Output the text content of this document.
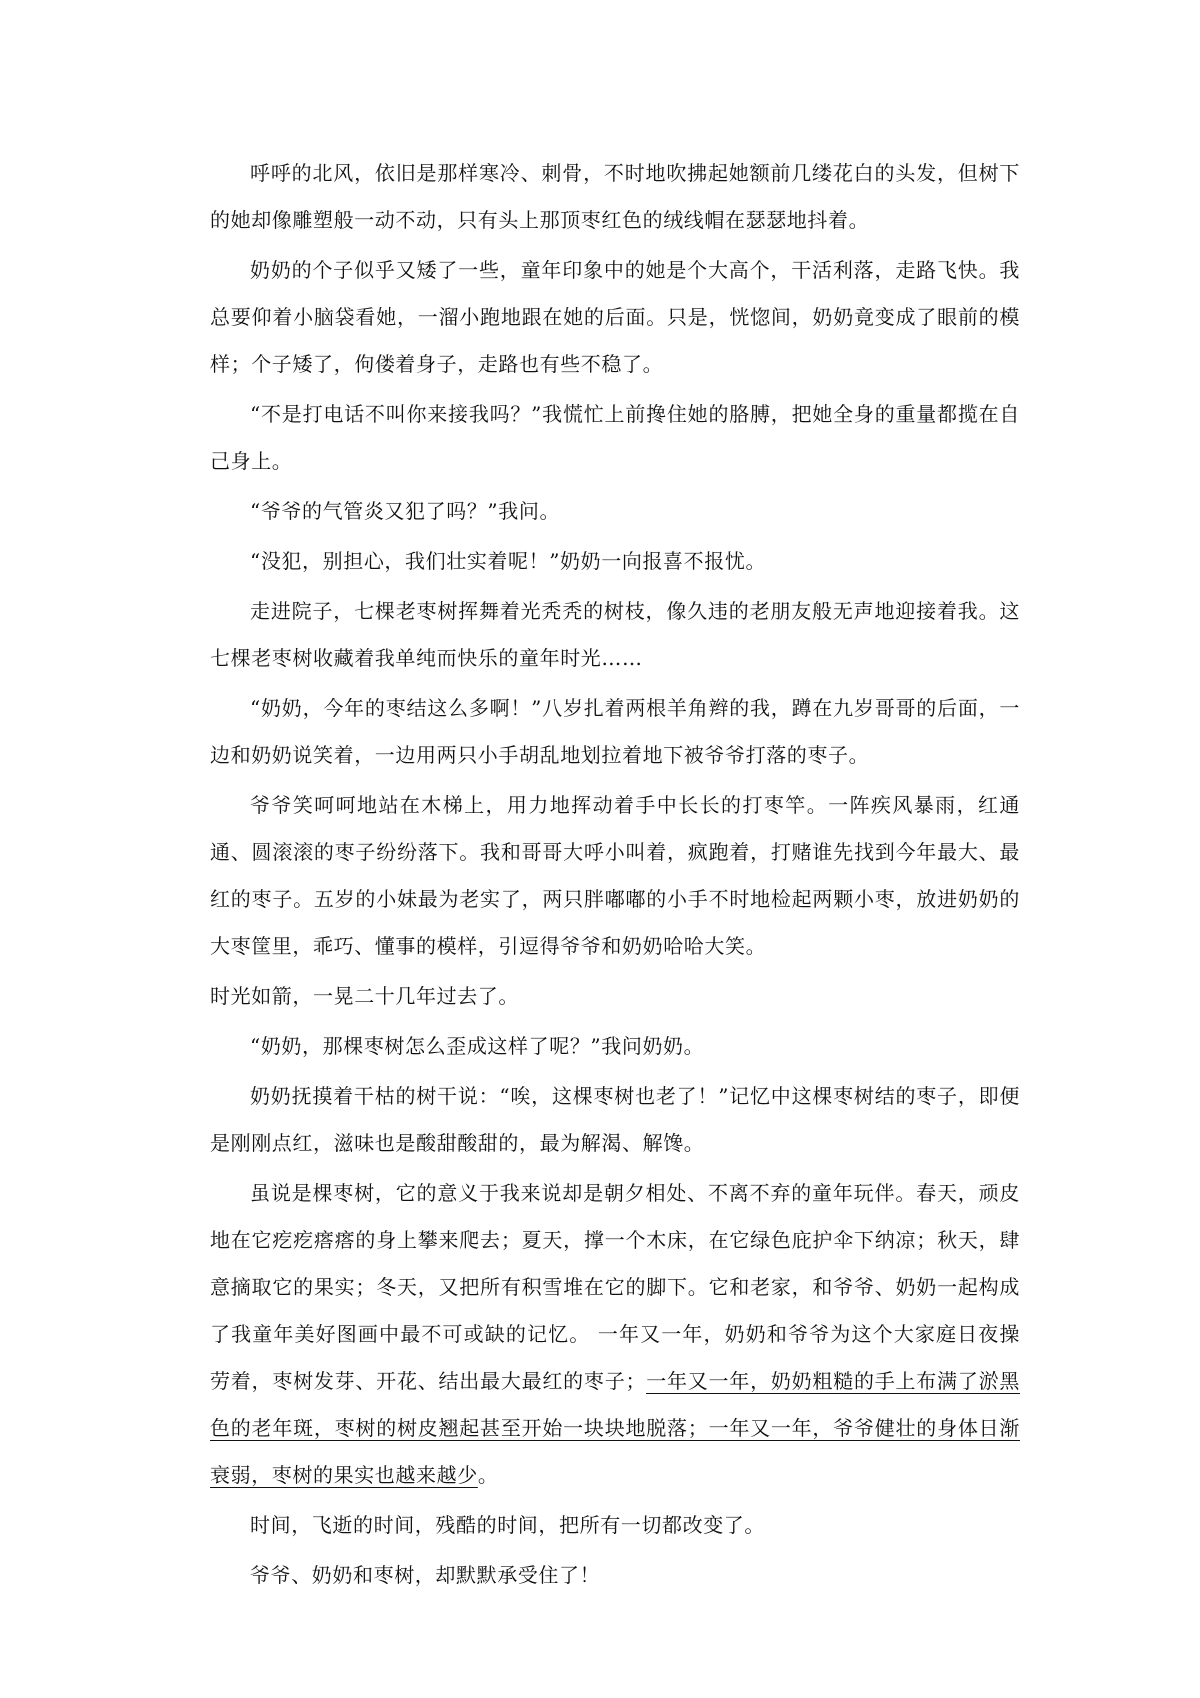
呼呼的北风，依旧是那样寒冷、刺骨，不时地吹拂起她额前几缕花白的头发，但树下的她却像雕塑般一动不动，只有头上那顶枣红色的绒线帽在瑟瑟地抖着。

奶奶的个子似乎又矮了一些，童年印象中的她是个大高个，干活利落，走路飞快。我总要仰着小脑袋看她，一溜小跑地跟在她的后面。只是，恍惚间，奶奶竟变成了眼前的模样；个子矮了，佝偻着身子，走路也有些不稳了。

“不是打电话不叫你来接我吗？”我慌忙上前搀住她的胳膊，把她全身的重量都揽在自己身上。

“爷爷的气管炎又犯了吗？”我问。

“没犯，别担心，我们壮实着呢！”奶奶一向报喜不报忧。

走进院子，七棵老枣树挥舞着光秃秃的树枝，像久违的老朋友般无声地迎接着我。这七棵老枣树收藏着我单纯而快乐的童年时光……

“奶奶，今年的枣结这么多啊！”八岁扎着两根羊角辫的我，蹲在九岁哥哥的后面，一边和奶奶说笑着，一边用两只小手胡乱地划拉着地下被爷爷打落的枣子。

爷爷笑呵呵地站在木梯上，用力地挥动着手中长长的打枣竿。一阵疾风暴雨，红通通、圆滚滚的枣子纷纷落下。我和哥哥大呼小叫着，疯跑着，打赌谁先找到今年最大、最红的枣子。五岁的小妹最为老实了，两只胖嘟嘟的小手不时地检起两颗小枣，放进奶奶的大枣筐里，乖巧、懂事的模样，引逗得爷爷和奶奶哈哈大笑。

时光如箭，一晃二十几年过去了。

“奶奶，那棵枣树怎么歪成这样了呢？”我问奶奶。

奶奶抚摸着干枯的树干说：“唉，这棵枣树也老了！”记忆中这棵枣树结的枣子，即便是刚刚点红，滋味也是酸甜酸甜的，最为解渴、解馋。

虽说是棵枣树，它的意义于我来说却是朝夕相处、不离不弃的童年玩伴。春天，顽皮地在它疙疙瘩瘩的身上攀来爬去；夏天，撑一个木床，在它绿色庇护伞下纳凉；秋天，肆意摘取它的果实；冬天，又把所有积雪堆在它的脚下。它和老家，和爷爷、奶奶一起构成了我童年美好图画中最不可或缺的记忆。 一年又一年，奶奶和爷爷为这个大家庭日夜操劳着，枣树发芽、开花、结出最大最红的枣子；一年又一年，奶奶粗糙的手上布满了淤黑色的老年斑，枣树的树皮翘起甚至开始一块块地脱落；一年又一年，爷爷健壮的身体日渐衰弱，枣树的果实也越来越少。

时间，飞逝的时间，残酷的时间，把所有一切都改变了。

爷爷、奶奶和枣树，却默默承受住了！
